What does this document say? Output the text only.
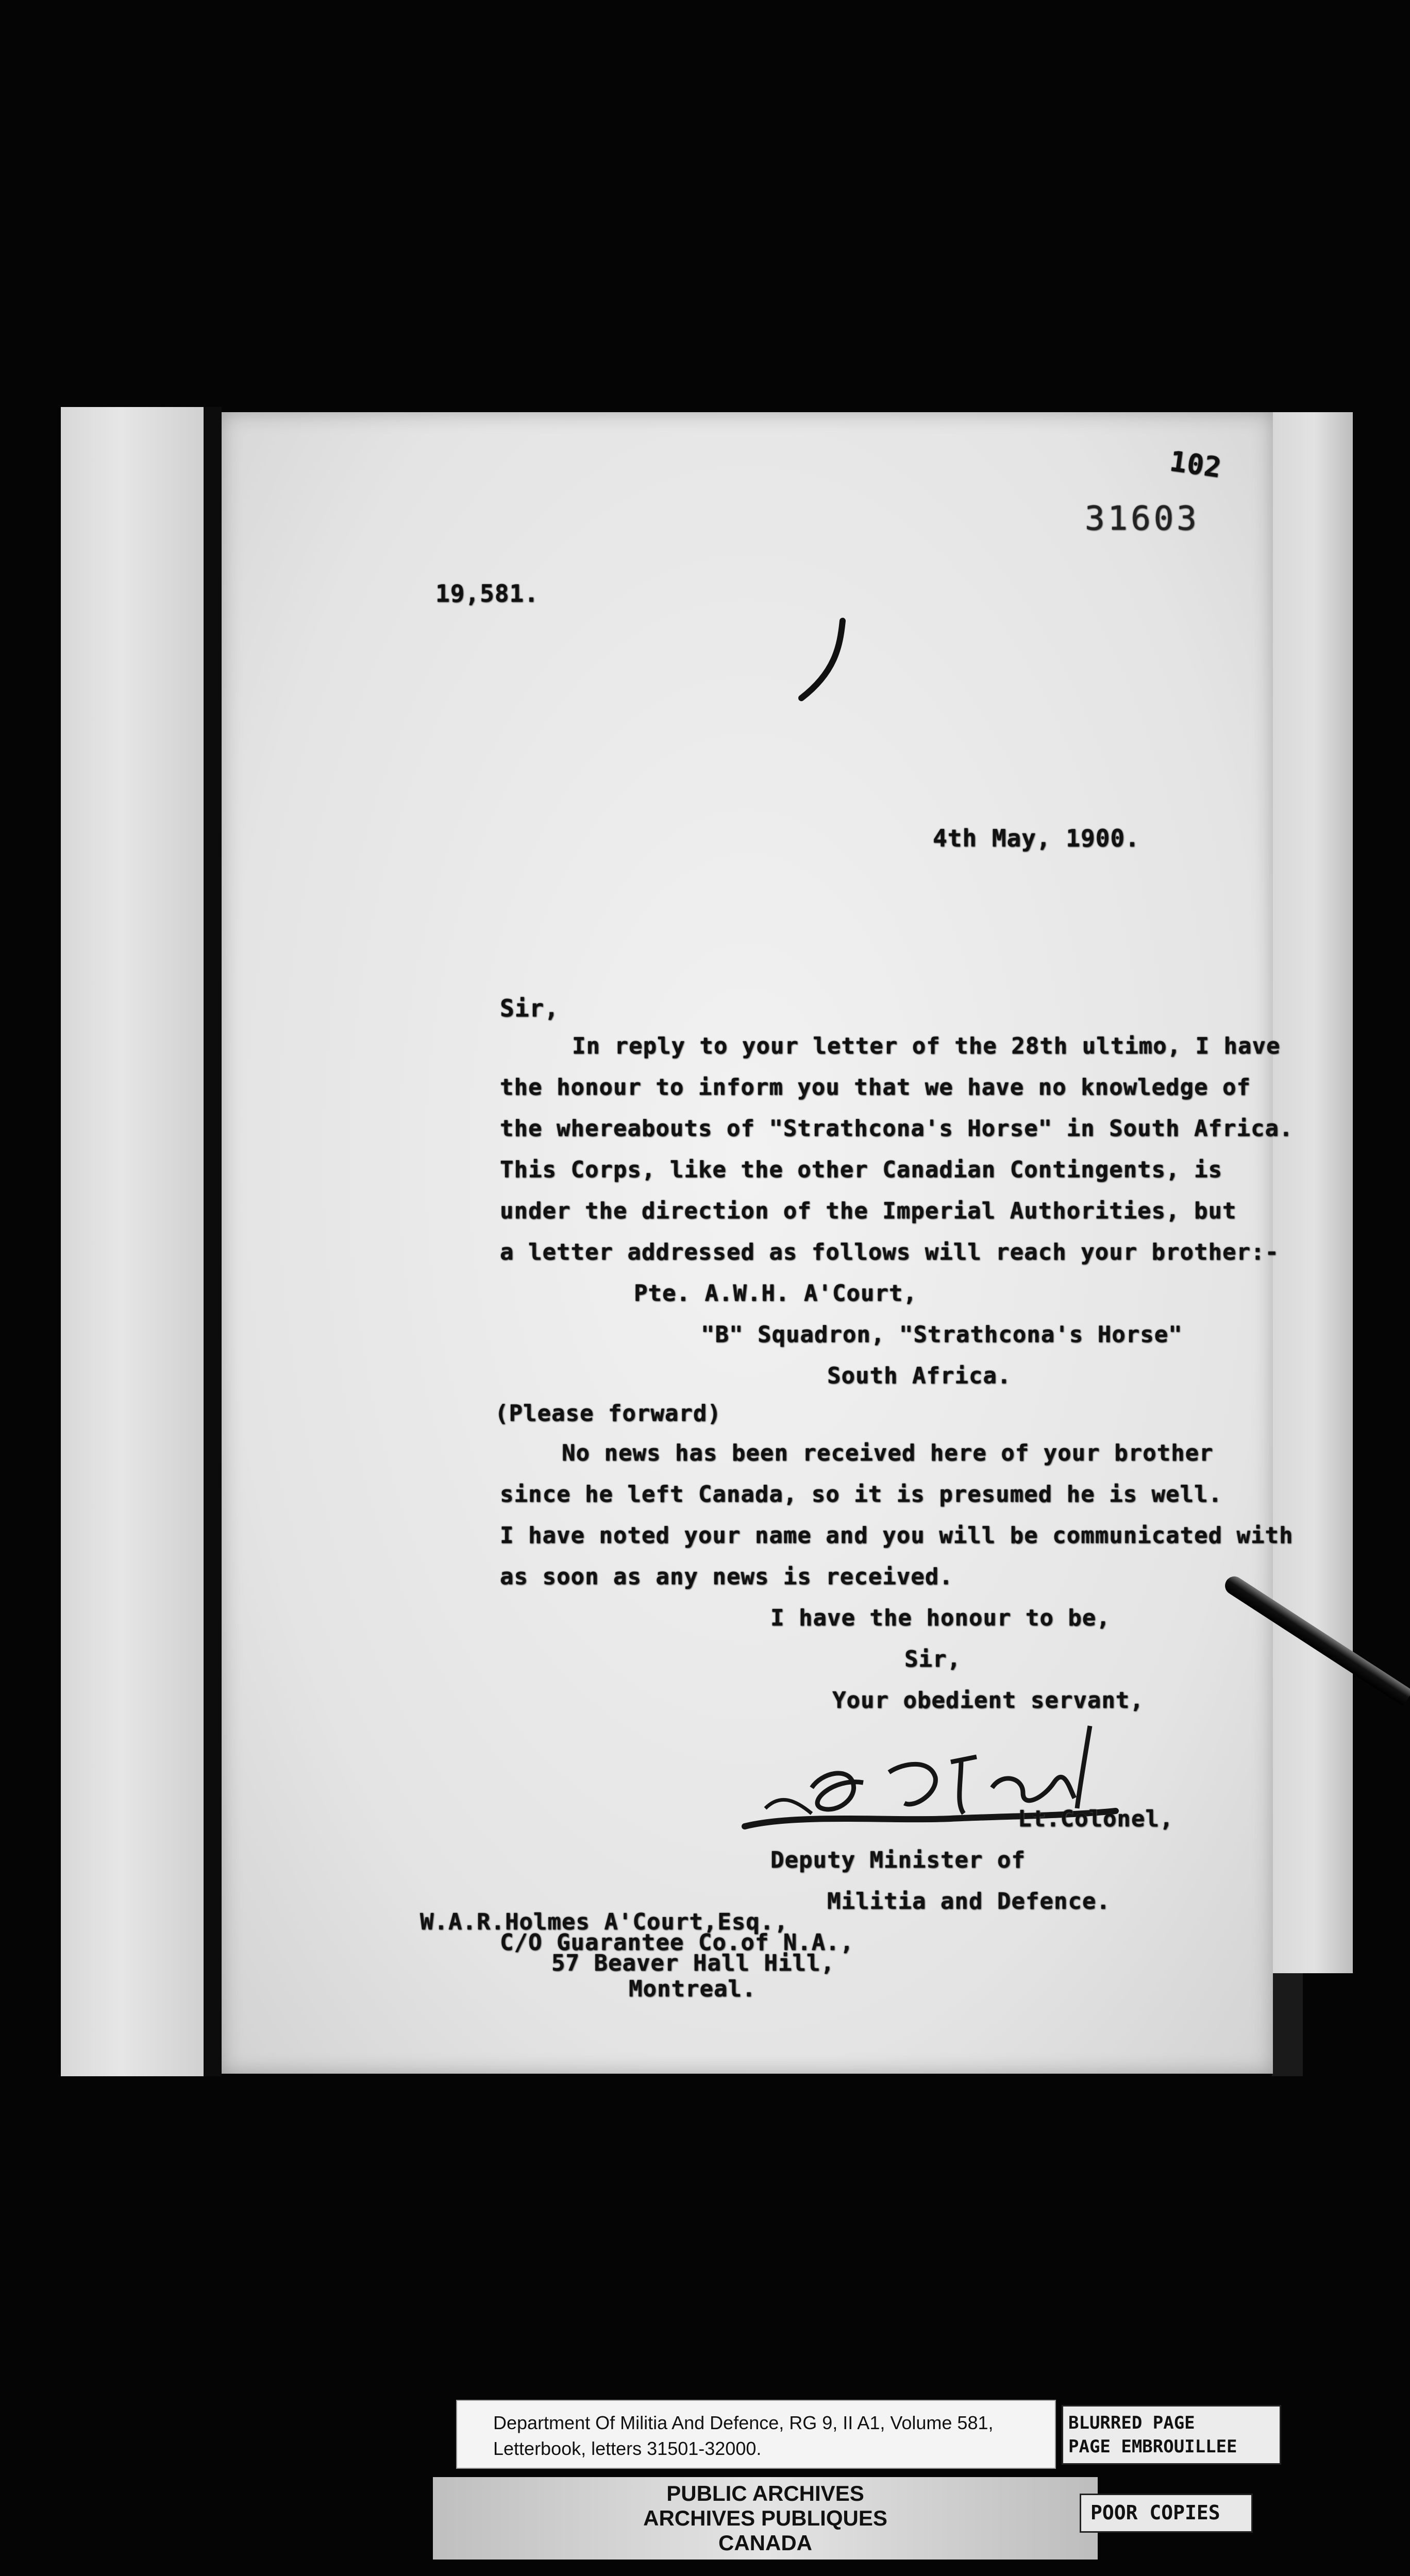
102
31603
19,581.
4th May, 1900.
Sir,
In reply to your letter of the 28th ultimo, I have
the honour to inform you that we have no knowledge of
the whereabouts of "Strathcona's Horse" in South Africa.
This Corps, like the other Canadian Contingents, is
under the direction of the Imperial Authorities, but
a letter addressed as follows will reach your brother:-
Pte. A.W.H. A'Court,
"B" Squadron, "Strathcona's Horse"
South Africa.
(Please forward)
No news has been received here of your brother
since he left Canada, so it is presumed he is well.
I have noted your name and you will be communicated with
as soon as any news is received.
I have the honour to be,
Sir,
Your obedient servant,
Lt.Colonel,
Deputy Minister of
Militia and Defence.
W.A.R.Holmes A'Court,Esq.,
C/O Guarantee Co.of N.A.,
57 Beaver Hall Hill,
Montreal.
Department Of Militia And Defence, RG 9, II A1, Volume 581,
Letterbook, letters 31501-32000.
BLURRED PAGE
PAGE EMBROUILLEE
PUBLIC ARCHIVES
ARCHIVES PUBLIQUES
CANADA
POOR COPIES
